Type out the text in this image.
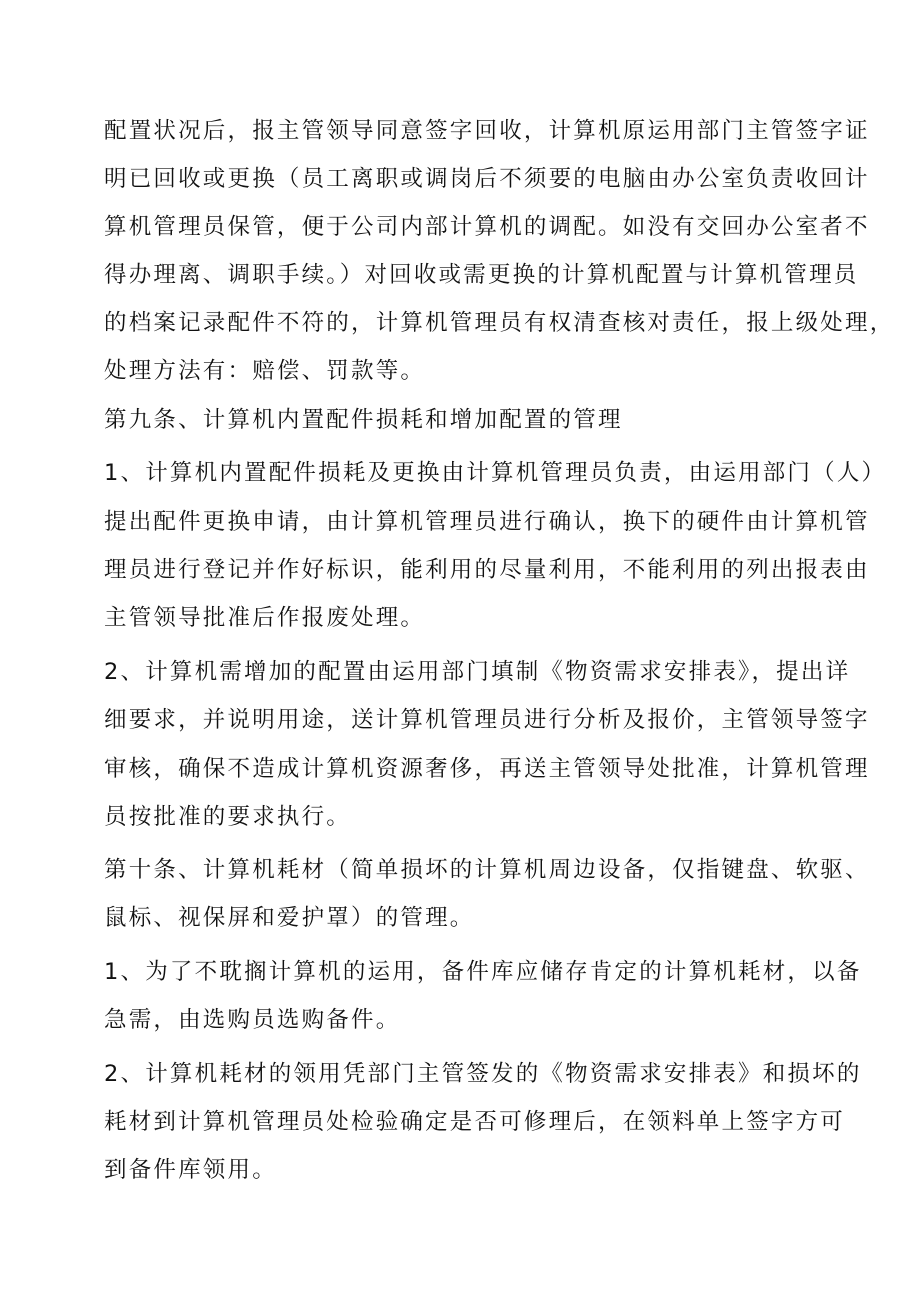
配置状况后，报主管领导同意签字回收，计算机原运用部门主管签字证
明已回收或更换（员工离职或调岗后不须要的电脑由办公室负责收回计
算机管理员保管，便于公司内部计算机的调配。如没有交回办公室者不
得办理离、调职手续。）对回收或需更换的计算机配置与计算机管理员
的档案记录配件不符的，计算机管理员有权清查核对责任，报上级处理，
处理方法有：赔偿、罚款等。
第九条、计算机内置配件损耗和增加配置的管理
1、计算机内置配件损耗及更换由计算机管理员负责，由运用部门（人）
提出配件更换申请，由计算机管理员进行确认，换下的硬件由计算机管
理员进行登记并作好标识，能利用的尽量利用，不能利用的列出报表由
主管领导批准后作报废处理。
2、计算机需增加的配置由运用部门填制《物资需求安排表》，提出详
细要求，并说明用途，送计算机管理员进行分析及报价，主管领导签字
审核，确保不造成计算机资源奢侈，再送主管领导处批准，计算机管理
员按批准的要求执行。
第十条、计算机耗材（简单损坏的计算机周边设备，仅指键盘、软驱、
鼠标、视保屏和爱护罩）的管理。
1、为了不耽搁计算机的运用，备件库应储存肯定的计算机耗材，以备
急需，由选购员选购备件。
2、计算机耗材的领用凭部门主管签发的《物资需求安排表》和损坏的
耗材到计算机管理员处检验确定是否可修理后，在领料单上签字方可
到备件库领用。
